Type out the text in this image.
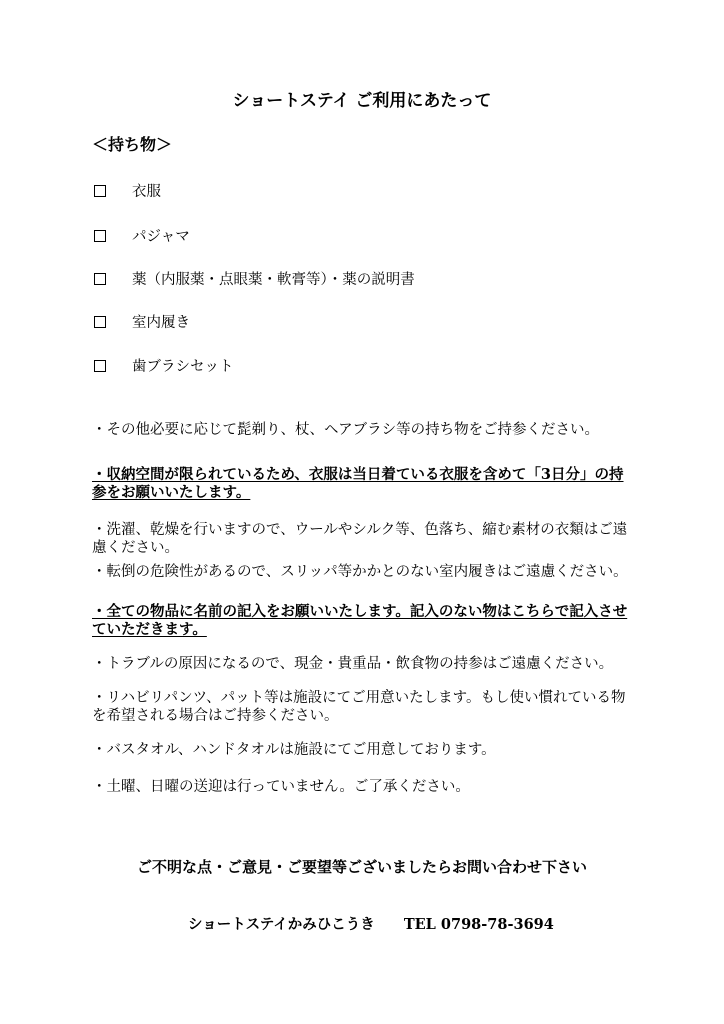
ショートステイ ご利用にあたって
＜持ち物＞
衣服
パジャマ
薬（内服薬・点眼薬・軟膏等）・薬の説明書
室内履き
歯ブラシセット
・その他必要に応じて髭剃り、杖、ヘアブラシ等の持ち物をご持参ください。
・収納空間が限られているため、衣服は当日着ている衣服を含めて「3日分」の持参をお願いいたします。
・洗濯、乾燥を行いますので、ウールやシルク等、色落ち、縮む素材の衣類はご遠慮ください。
・転倒の危険性があるので、スリッパ等かかとのない室内履きはご遠慮ください。
・全ての物品に名前の記入をお願いいたします。記入のない物はこちらで記入させていただきます。
・トラブルの原因になるので、現金・貴重品・飲食物の持参はご遠慮ください。
・リハビリパンツ、パット等は施設にてご用意いたします。もし使い慣れている物を希望される場合はご持参ください。
・バスタオル、ハンドタオルは施設にてご用意しております。
・土曜、日曜の送迎は行っていません。ご了承ください。
ご不明な点・ご意見・ご要望等ございましたらお問い合わせ下さい
ショートステイかみひこうき TEL 0798-78-3694
